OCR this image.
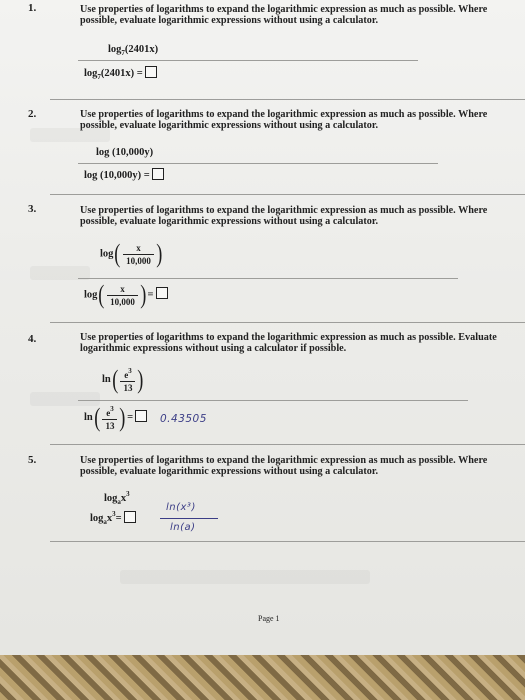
1.	Use properties of logarithms to expand the logarithmic expression as much as possible. Where possible, evaluate logarithmic expressions without using a calculator.
$\log_7(2401x)$
$\log_7(2401x)$ =
2.	Use properties of logarithms to expand the logarithmic expression as much as possible. Where possible, evaluate logarithmic expressions without using a calculator.
log (10,000y)
log (10,000y) =
3.	Use properties of logarithms to expand the logarithmic expression as much as possible. Where possible, evaluate logarithmic expressions without using a calculator.
$\log( \frac{x}{10,000}$ )
$\log( \frac{x}{10,000}$ )=
4.	Use properties of logarithms to expand the logarithmic expression as much as possible. Evaluate logarithmic expressions without using a calculator if possible.
$\ln( \frac{e^3}{13}$ )
$\ln( \frac{e^3}{13}$ )=	0.43505
5.	Use properties of logarithms to expand the logarithmic expression as much as possible. Where possible, evaluate logarithmic expressions without using a calculator.
$\log_ax^3$
$\log_ax^3=$
ln(x³)
ln(a)
Page 1
